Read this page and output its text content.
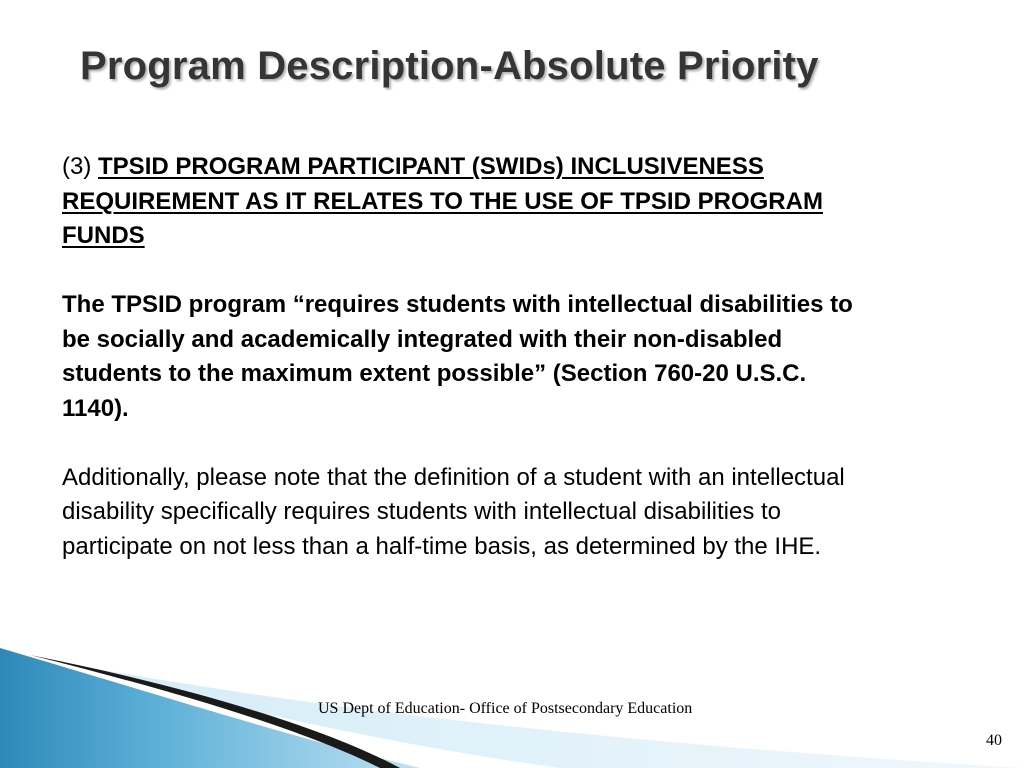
Program Description-Absolute Priority

(3) TPSID PROGRAM PARTICIPANT (SWIDs) INCLUSIVENESS REQUIREMENT AS IT RELATES TO THE USE OF TPSID PROGRAM FUNDS

The TPSID program “requires students with intellectual disabilities to be socially and academically integrated with their non-disabled students to the maximum extent possible” (Section 760-20 U.S.C. 1140).

Additionally, please note that the definition of a student with an intellectual disability specifically requires students with intellectual disabilities to participate on not less than a half-time basis, as determined by the IHE.

US Dept of Education- Office of Postsecondary Education
40
